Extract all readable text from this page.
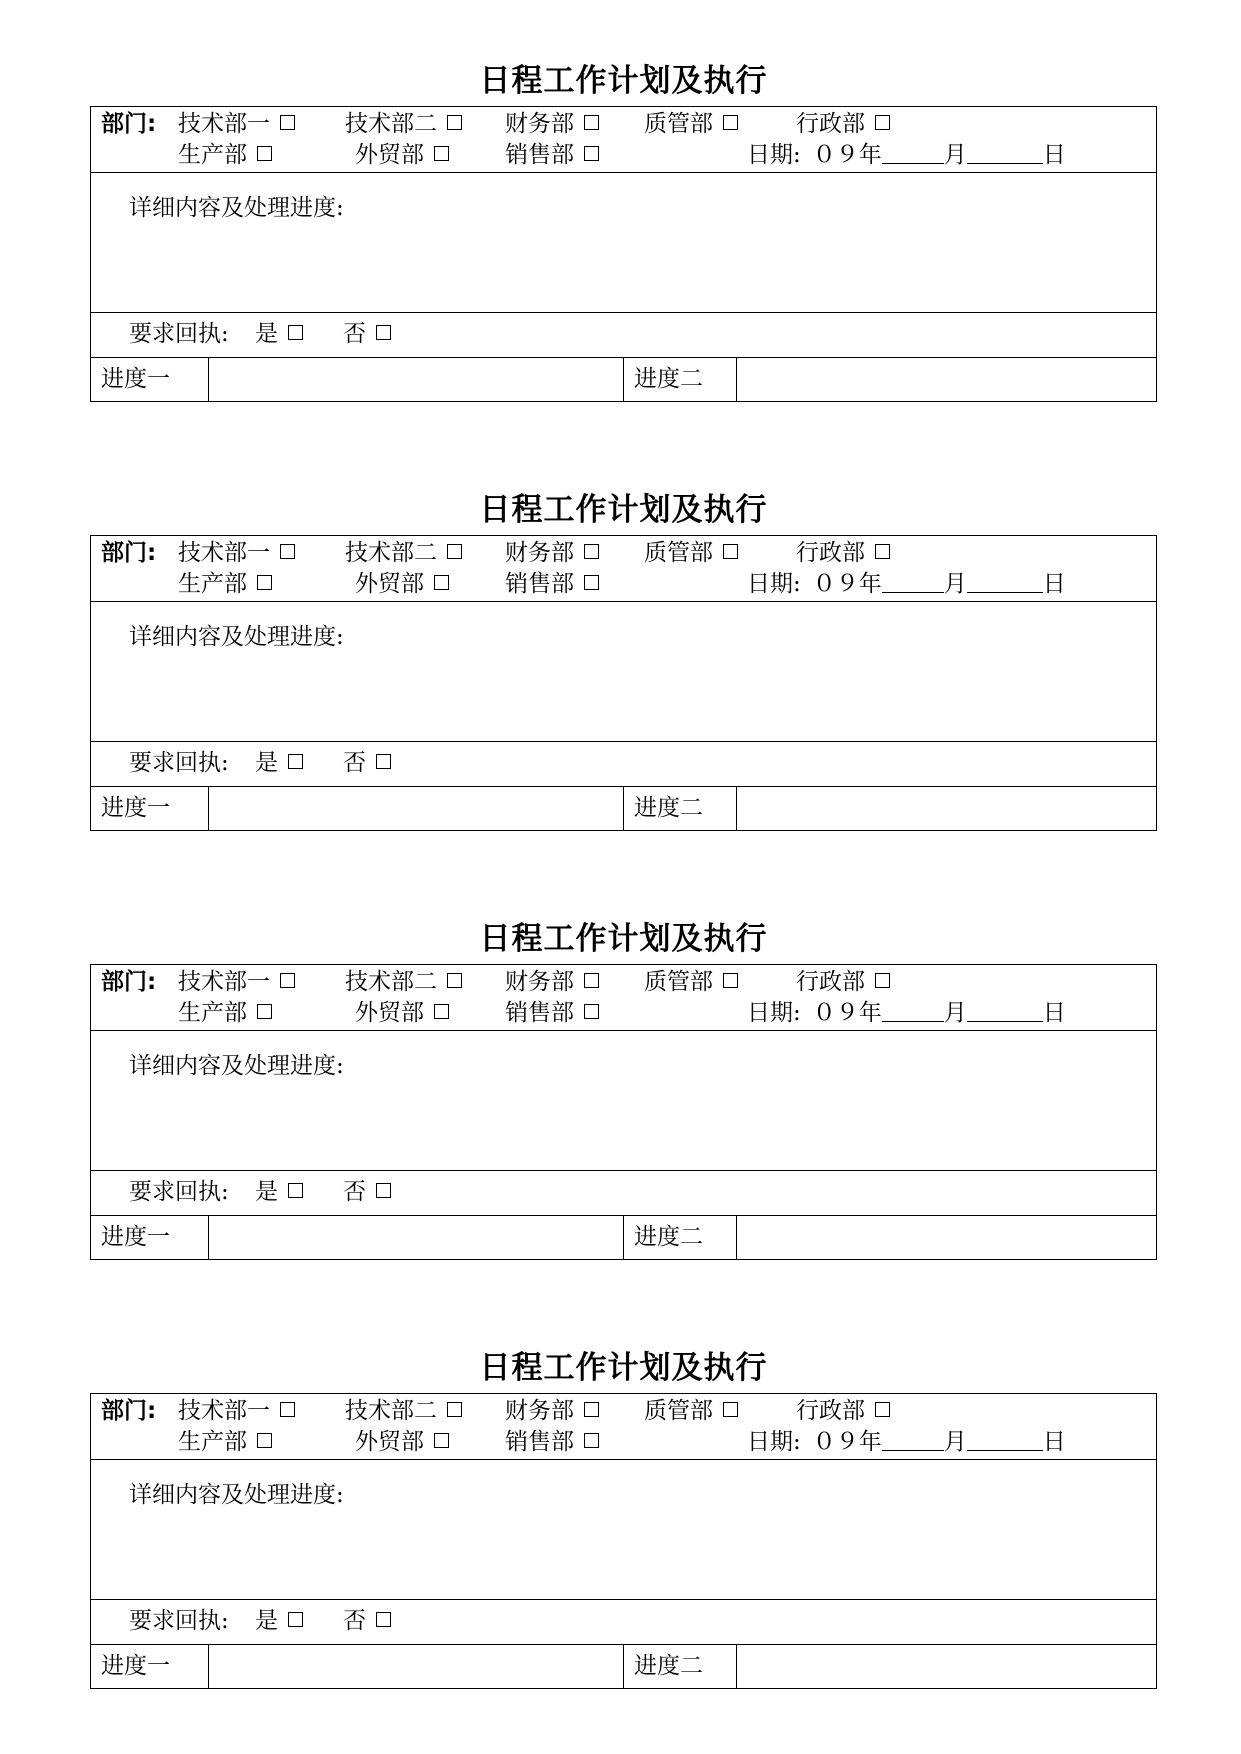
日程工作计划及执行
部门: 技术部一	技术部二	财务部	质管部	行政部
生产部	外贸部	销售部	日期: ０９年	月	日
详细内容及处理进度:
要求回执: 是	否
进度一	进度二
日程工作计划及执行
部门: 技术部一	技术部二	财务部	质管部	行政部
生产部	外贸部	销售部	日期: ０９年	月	日
详细内容及处理进度:
要求回执: 是	否
进度一	进度二
日程工作计划及执行
部门: 技术部一	技术部二	财务部	质管部	行政部
生产部	外贸部	销售部	日期: ０９年	月	日
详细内容及处理进度:
要求回执: 是	否
进度一	进度二
日程工作计划及执行
部门: 技术部一	技术部二	财务部	质管部	行政部
生产部	外贸部	销售部	日期: ０９年	月	日
详细内容及处理进度:
要求回执: 是	否
进度一	进度二
